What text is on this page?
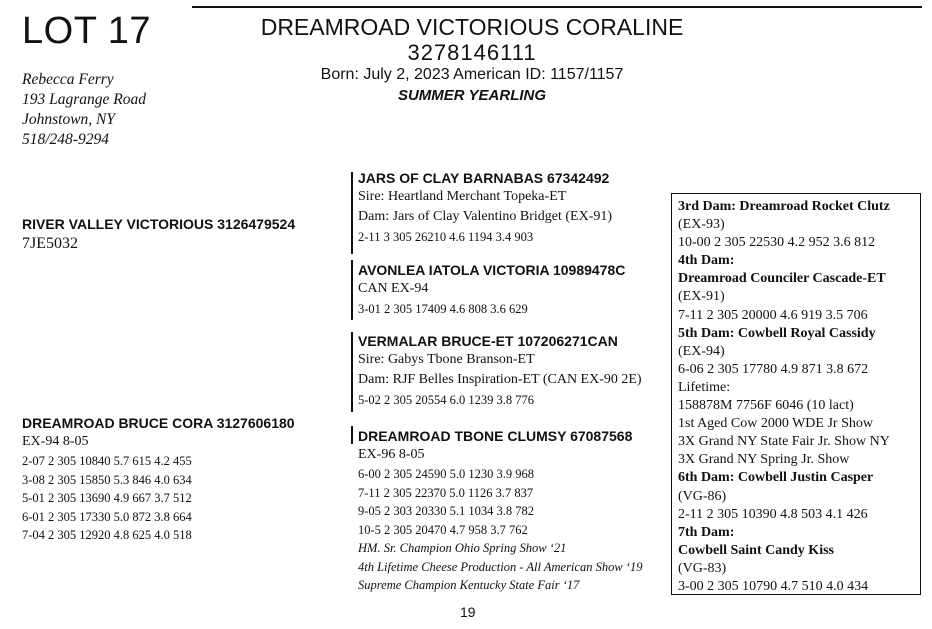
LOT 17	DREAMROAD VICTORIOUS CORALINE
3278146111
Born: July 2, 2023 American ID: 1157/1157
SUMMER YEARLING
Rebecca Ferry
193 Lagrange Road
Johnstown, NY
518/248-9294
RIVER VALLEY VICTORIOUS 3126479524
7JE5032
JARS OF CLAY BARNABAS 67342492
Sire: Heartland Merchant Topeka-ET
Dam: Jars of Clay Valentino Bridget (EX-91)
2-11 3 305 26210 4.6 1194 3.4 903
AVONLEA IATOLA VICTORIA 10989478C
CAN EX-94
3-01 2 305 17409 4.6 808 3.6 629
VERMALAR BRUCE-ET 107206271CAN
Sire: Gabys Tbone Branson-ET
Dam: RJF Belles Inspiration-ET (CAN EX-90 2E)
5-02 2 305 20554 6.0 1239 3.8 776
DREAMROAD BRUCE CORA 3127606180
EX-94 8-05
2-07 2 305 10840 5.7 615 4.2 455
3-08 2 305 15850 5.3 846 4.0 634
5-01 2 305 13690 4.9 667 3.7 512
6-01 2 305 17330 5.0 872 3.8 664
7-04 2 305 12920 4.8 625 4.0 518
DREAMROAD TBONE CLUMSY 67087568
EX-96 8-05
6-00 2 305 24590 5.0 1230 3.9 968
7-11 2 305 22370 5.0 1126 3.7 837
9-05 2 303 20330 5.1 1034 3.8 782
10-5 2 305 20470 4.7 958 3.7 762
HM. Sr. Champion Ohio Spring Show ‘21
4th Lifetime Cheese Production - All American Show ‘19
Supreme Champion Kentucky State Fair ‘17
3rd Dam: Dreamroad Rocket Clutz
(EX-93)
10-00 2 305 22530 4.2 952 3.6 812
4th Dam:
Dreamroad Counciler Cascade-ET
(EX-91)
7-11 2 305 20000 4.6 919 3.5 706
5th Dam: Cowbell Royal Cassidy
(EX-94)
6-06 2 305 17780 4.9 871 3.8 672
Lifetime:
158878M 7756F 6046 (10 lact)
1st Aged Cow 2000 WDE Jr Show
3X Grand NY State Fair Jr. Show NY
3X Grand NY Spring Jr. Show
6th Dam: Cowbell Justin Casper
(VG-86)
2-11 2 305 10390 4.8 503 4.1 426
7th Dam:
Cowbell Saint Candy Kiss
(VG-83)
3-00 2 305 10790 4.7 510 4.0 434
19
